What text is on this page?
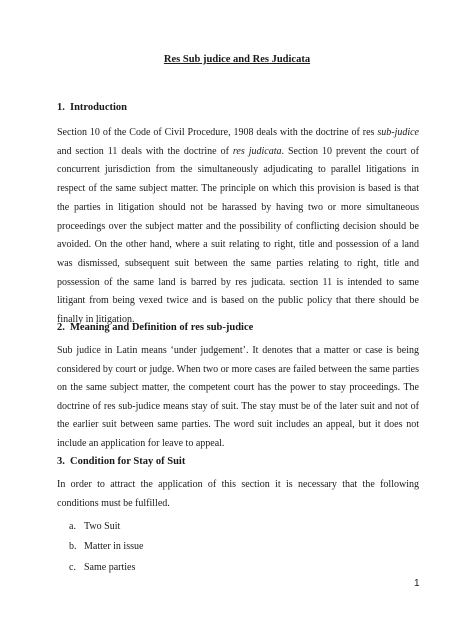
Res Sub judice and Res Judicata
1. Introduction
Section 10 of the Code of Civil Procedure, 1908 deals with the doctrine of res sub-judice and section 11 deals with the doctrine of res judicata. Section 10 prevent the court of concurrent jurisdiction from the simultaneously adjudicating to parallel litigations in respect of the same subject matter. The principle on which this provision is based is that the parties in litigation should not be harassed by having two or more simultaneous proceedings over the subject matter and the possibility of conflicting decision should be avoided. On the other hand, where a suit relating to right, title and possession of a land was dismissed, subsequent suit between the same parties relating to right, title and possession of the same land is barred by res judicata. section 11 is intended to same litigant from being vexed twice and is based on the public policy that there should be finally in litigation.
2. Meaning and Definition of res sub-judice
Sub judice in Latin means ‘under judgement’. It denotes that a matter or case is being considered by court or judge. When two or more cases are failed between the same parties on the same subject matter, the competent court has the power to stay proceedings. The doctrine of res sub-judice means stay of suit. The stay must be of the later suit and not of the earlier suit between same parties. The word suit includes an appeal, but it does not include an application for leave to appeal.
3. Condition for Stay of Suit
In order to attract the application of this section it is necessary that the following conditions must be fulfilled.
a. Two Suit
b. Matter in issue
c. Same parties
1
